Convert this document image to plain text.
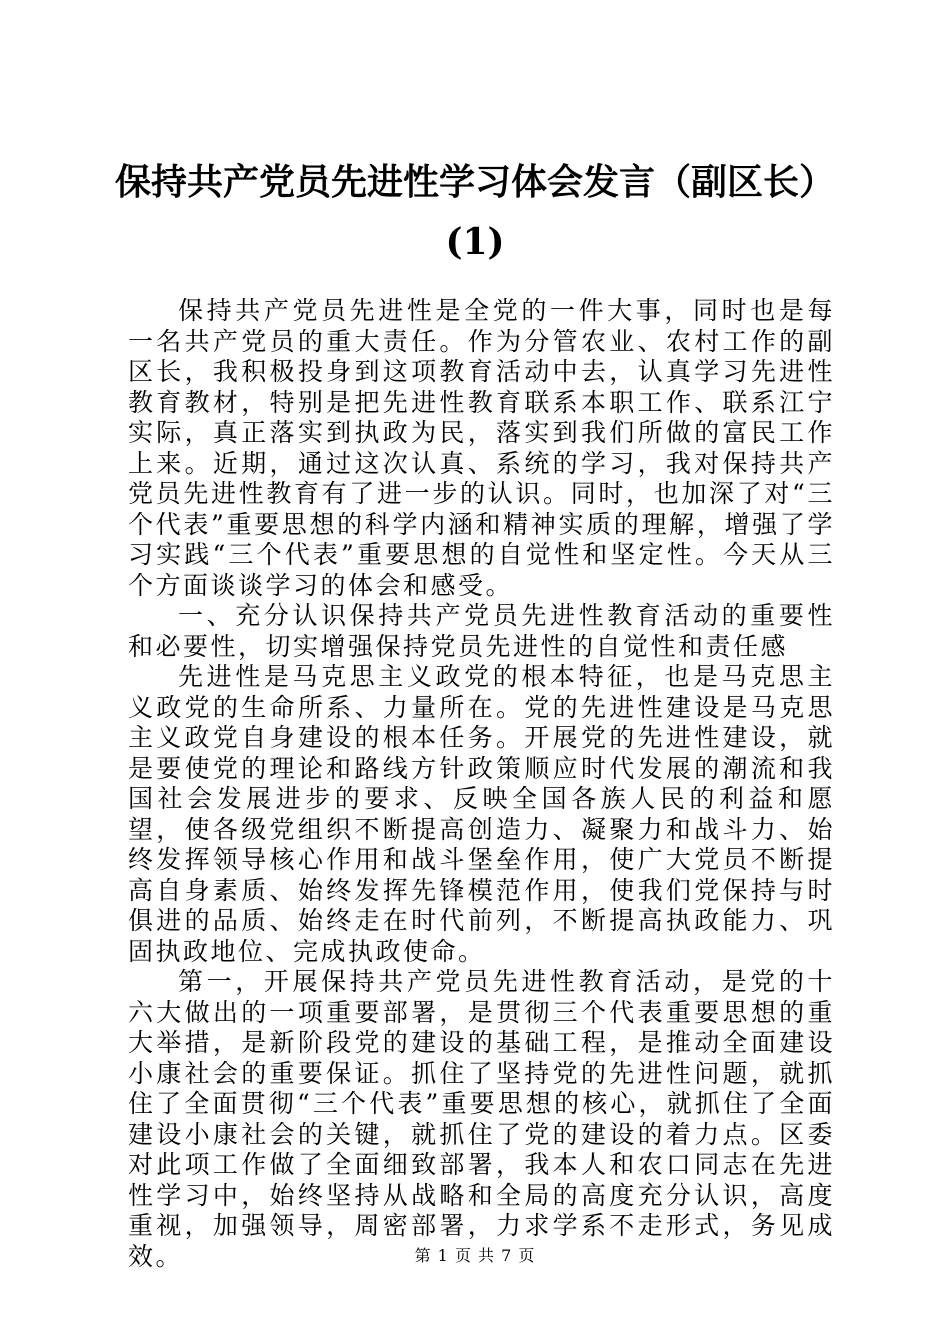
保持共产党员先进性学习体会发言（副区长）
(1)

保持共产党员先进性是全党的一件大事，同时也是每一名共产党员的重大责任。作为分管农业、农村工作的副区长，我积极投身到这项教育活动中去，认真学习先进性教育教材，特别是把先进性教育联系本职工作、联系江宁实际，真正落实到执政为民，落实到我们所做的富民工作上来。近期，通过这次认真、系统的学习，我对保持共产党员先进性教育有了进一步的认识。同时，也加深了对“三个代表”重要思想的科学内涵和精神实质的理解，增强了学习实践“三个代表”重要思想的自觉性和坚定性。今天从三个方面谈谈学习的体会和感受。

一、充分认识保持共产党员先进性教育活动的重要性和必要性，切实增强保持党员先进性的自觉性和责任感

先进性是马克思主义政党的根本特征，也是马克思主义政党的生命所系、力量所在。党的先进性建设是马克思主义政党自身建设的根本任务。开展党的先进性建设，就是要使党的理论和路线方针政策顺应时代发展的潮流和我国社会发展进步的要求、反映全国各族人民的利益和愿望，使各级党组织不断提高创造力、凝聚力和战斗力、始终发挥领导核心作用和战斗堡垒作用，使广大党员不断提高自身素质、始终发挥先锋模范作用，使我们党保持与时俱进的品质、始终走在时代前列，不断提高执政能力、巩固执政地位、完成执政使命。

第一，开展保持共产党员先进性教育活动，是党的十六大做出的一项重要部署，是贯彻三个代表重要思想的重大举措，是新阶段党的建设的基础工程，是推动全面建设小康社会的重要保证。抓住了坚持党的先进性问题，就抓住了全面贯彻“三个代表”重要思想的核心，就抓住了全面建设小康社会的关键，就抓住了党的建设的着力点。区委对此项工作做了全面细致部署，我本人和农口同志在先进性学习中，始终坚持从战略和全局的高度充分认识，高度重视，加强领导，周密部署，力求学系不走形式，务见成效。	第 1 页 共 7 页
